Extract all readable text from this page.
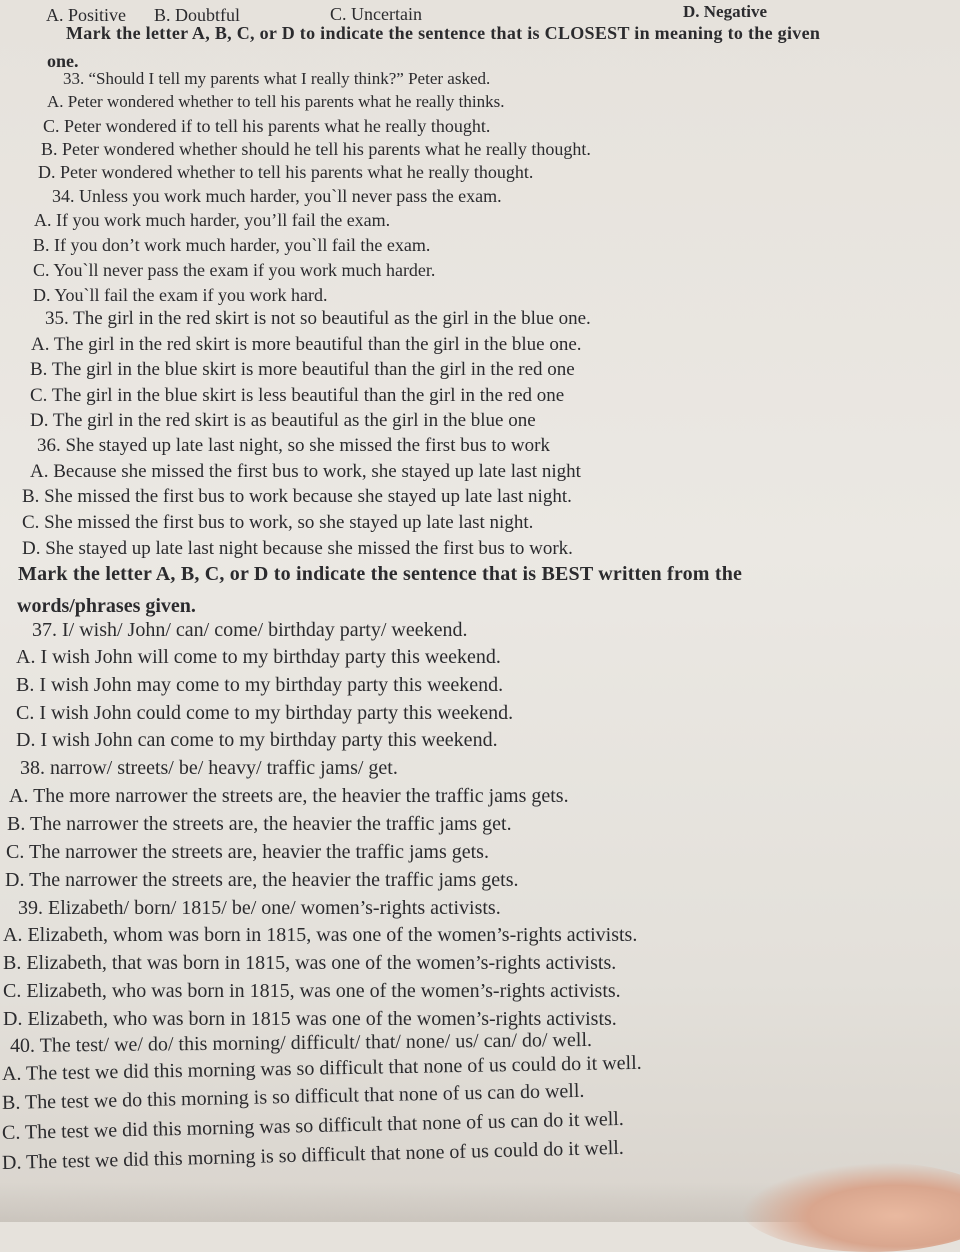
A. Positive B. Doubtful	C. Uncertain	D. Negative
Mark the letter A, B, C, or D to indicate the sentence that is CLOSEST in meaning to the given
one.
33. “Should I tell my parents what I really think?” Peter asked.
A. Peter wondered whether to tell his parents what he really thinks.
C. Peter wondered if to tell his parents what he really thought.
B. Peter wondered whether should he tell his parents what he really thought.
D. Peter wondered whether to tell his parents what he really thought.
34. Unless you work much harder, you`ll never pass the exam.
A. If you work much harder, you’ll fail the exam.
B. If you don’t work much harder, you`ll fail the exam.
C. You`ll never pass the exam if you work much harder.
D. You`ll fail the exam if you work hard.
35. The girl in the red skirt is not so beautiful as the girl in the blue one.
A. The girl in the red skirt is more beautiful than the girl in the blue one.
B. The girl in the blue skirt is more beautiful than the girl in the red one
C. The girl in the blue skirt is less beautiful than the girl in the red one
D. The girl in the red skirt is as beautiful as the girl in the blue one
36. She stayed up late last night, so she missed the first bus to work
A. Because she missed the first bus to work, she stayed up late last night
B. She missed the first bus to work because she stayed up late last night.
C. She missed the first bus to work, so she stayed up late last night.
D. She stayed up late last night because she missed the first bus to work.
Mark the letter A, B, C, or D to indicate the sentence that is BEST written from the
words/phrases given.
37. I/ wish/ John/ can/ come/ birthday party/ weekend.
A. I wish John will come to my birthday party this weekend.
B. I wish John may come to my birthday party this weekend.
C. I wish John could come to my birthday party this weekend.
D. I wish John can come to my birthday party this weekend.
38. narrow/ streets/ be/ heavy/ traffic jams/ get.
A. The more narrower the streets are, the heavier the traffic jams gets.
B. The narrower the streets are, the heavier the traffic jams get.
C. The narrower the streets are, heavier the traffic jams gets.
D. The narrower the streets are, the heavier the traffic jams gets.
39. Elizabeth/ born/ 1815/ be/ one/ women’s-rights activists.
A. Elizabeth, whom was born in 1815, was one of the women’s-rights activists.
B. Elizabeth, that was born in 1815, was one of the women’s-rights activists.
C. Elizabeth, who was born in 1815, was one of the women’s-rights activists.
D. Elizabeth, who was born in 1815 was one of the women’s-rights activists.
40. The test/ we/ do/ this morning/ difficult/ that/ none/ us/ can/ do/ well.
A. The test we did this morning was so difficult that none of us could do it well.
B. The test we do this morning is so difficult that none of us can do well.
C. The test we did this morning was so difficult that none of us can do it well.
D. The test we did this morning is so difficult that none of us could do it well.
